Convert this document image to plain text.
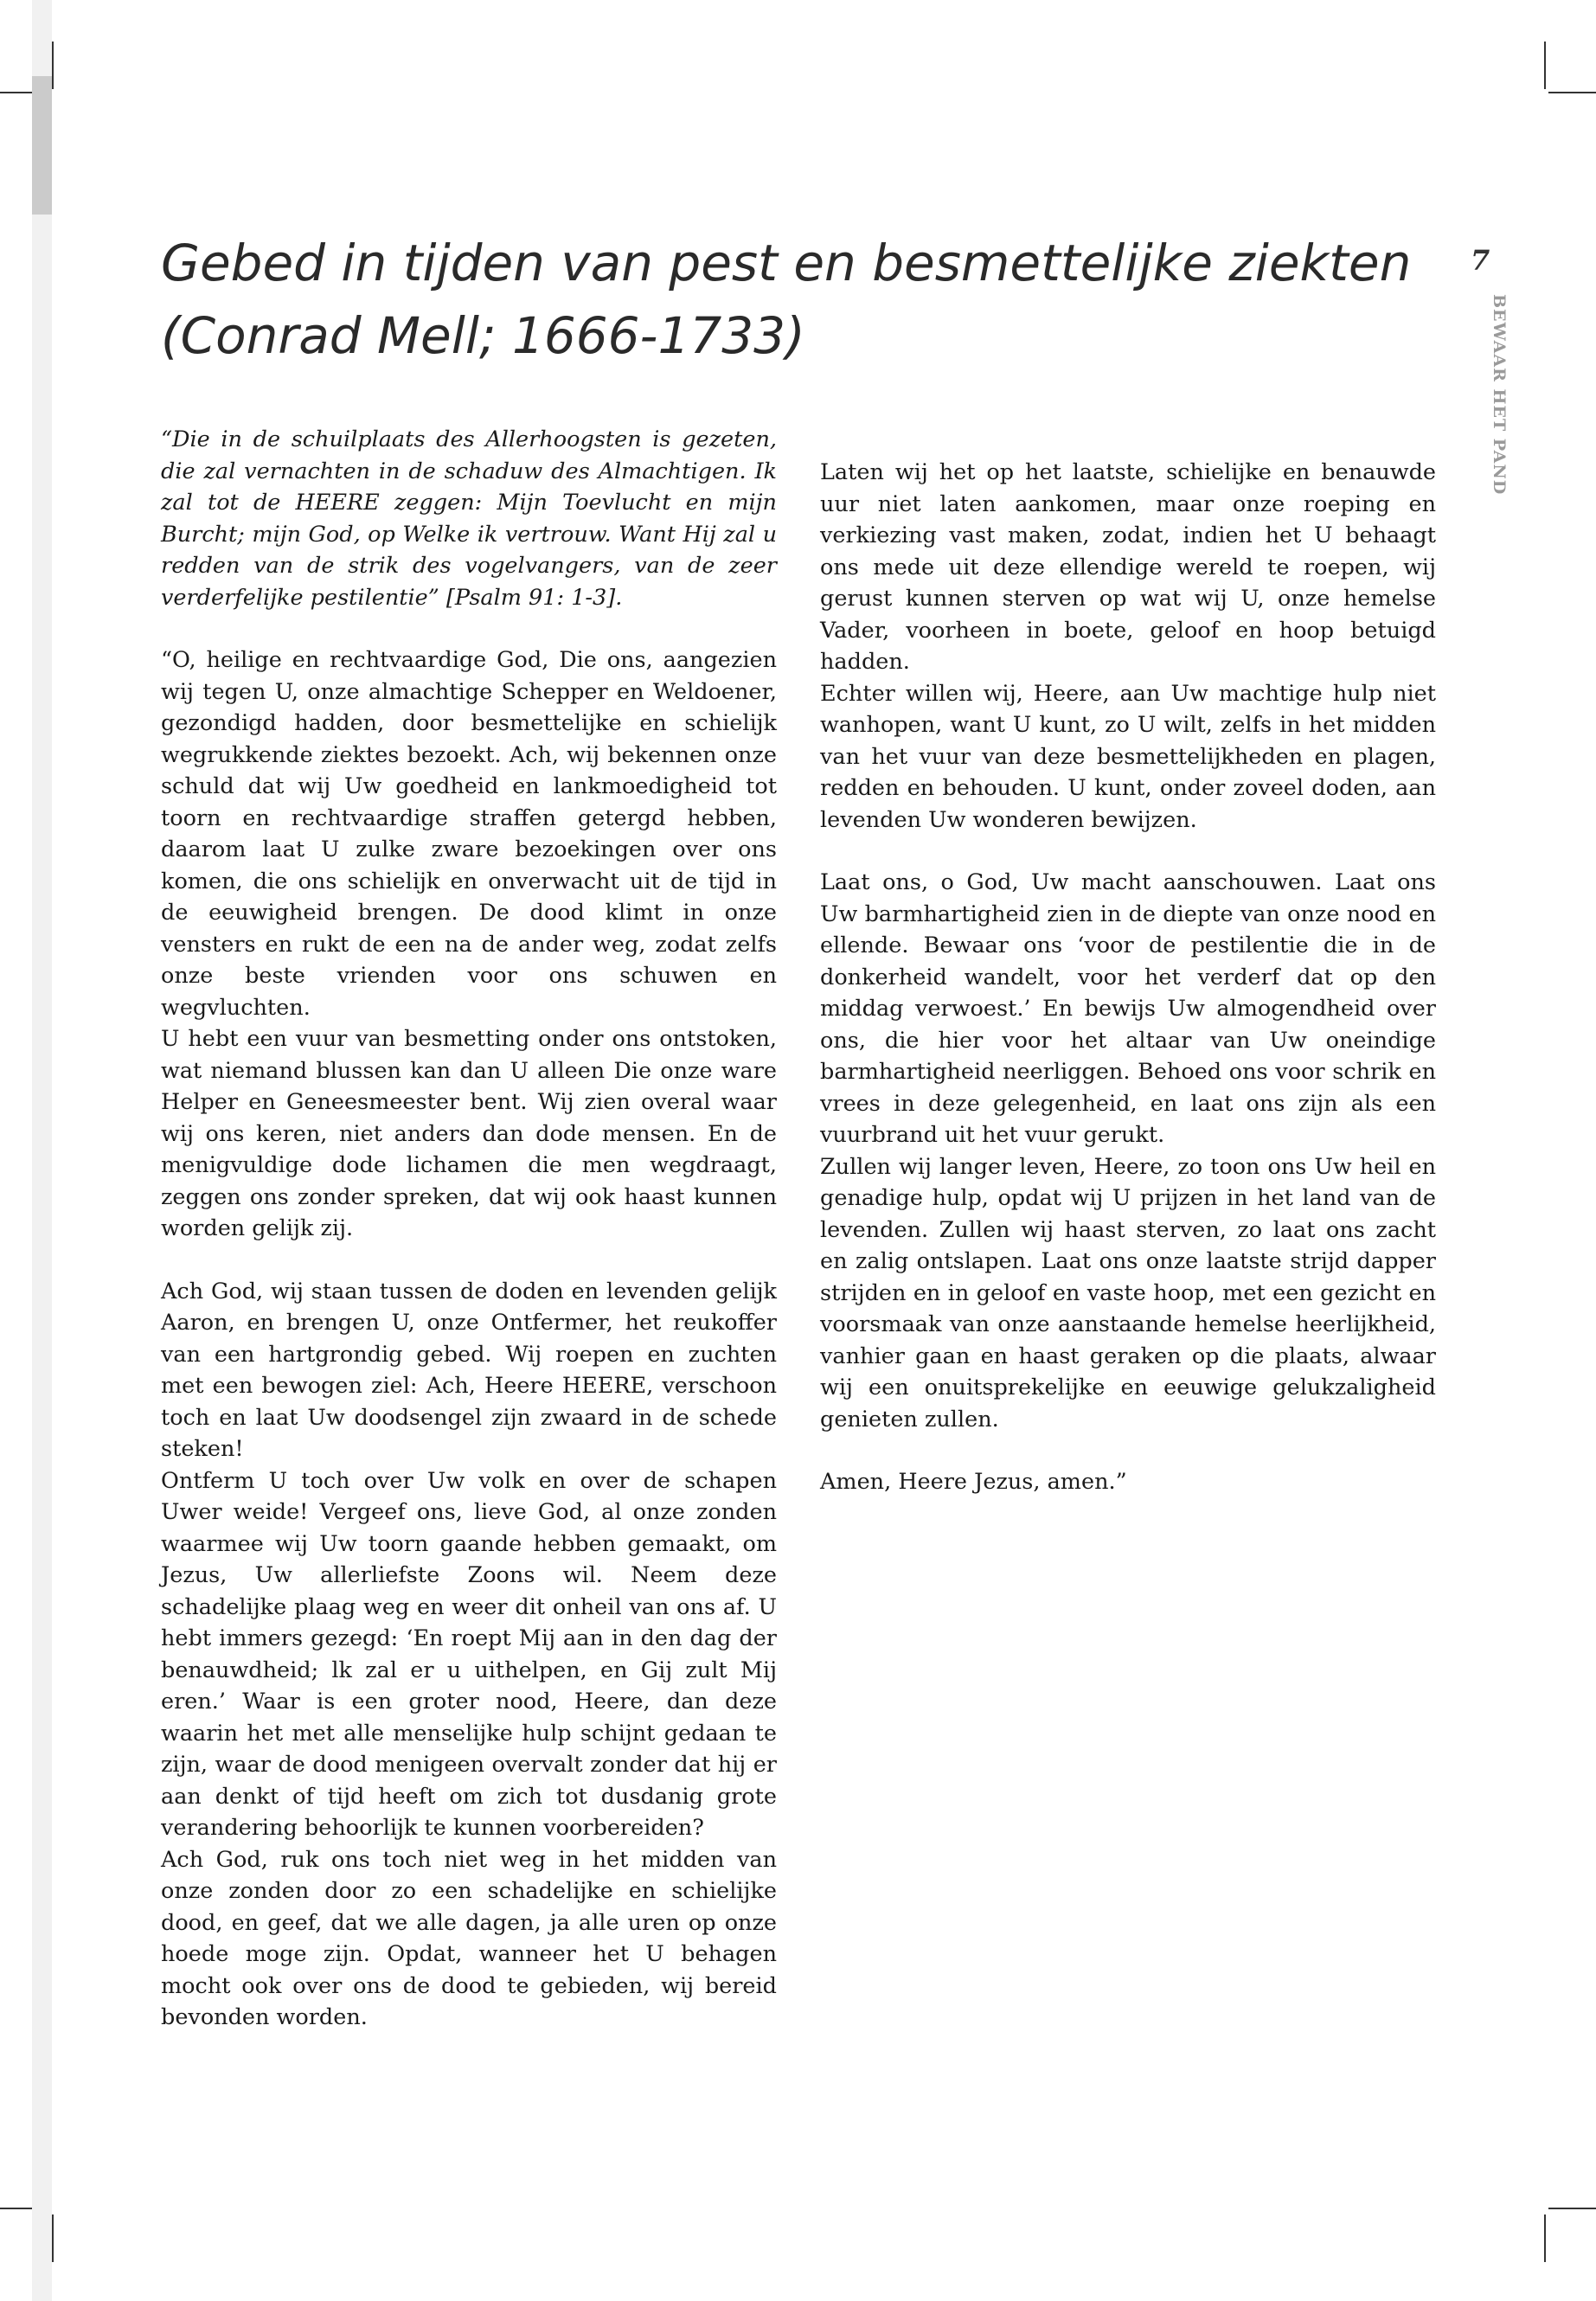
Gebed in tijden van pest en besmettelijke ziekten
(Conrad Mell; 1666-1733)
7
BEWAAR HET PAND

“Die in de schuilplaats des Allerhoogsten is gezeten, die zal vernachten in de schaduw des Almachtigen. Ik zal tot de HEERE zeggen: Mijn Toevlucht en mijn Burcht; mijn God, op Welke ik vertrouw. Want Hij zal u redden van de strik des vogelvangers, van de zeer verderfelijke pestilentie” [Psalm 91: 1-3].

“O, heilige en rechtvaardige God, Die ons, aangezien wij tegen U, onze almachtige Schepper en Weldoener, gezondigd hadden, door besmettelijke en schielijk wegrukkende ziektes bezoekt. Ach, wij bekennen onze schuld dat wij Uw goedheid en lankmoedigheid tot toorn en rechtvaardige straffen getergd hebben, daarom laat U zulke zware bezoekingen over ons komen, die ons schielijk en onverwacht uit de tijd in de eeuwigheid brengen. De dood klimt in onze vensters en rukt de een na de ander weg, zodat zelfs onze beste vrienden voor ons schuwen en wegvluchten.

U hebt een vuur van besmetting onder ons ontstoken, wat niemand blussen kan dan U alleen Die onze ware Helper en Geneesmeester bent. Wij zien overal waar wij ons keren, niet anders dan dode mensen. En de menigvuldige dode lichamen die men wegdraagt, zeggen ons zonder spreken, dat wij ook haast kunnen worden gelijk zij.

Ach God, wij staan tussen de doden en levenden gelijk Aaron, en brengen U, onze Ontfermer, het reukoffer van een hartgrondig gebed. Wij roepen en zuchten met een bewogen ziel: Ach, Heere HEERE, verschoon toch en laat Uw doodsengel zijn zwaard in de schede steken!

Ontferm U toch over Uw volk en over de schapen Uwer weide! Vergeef ons, lieve God, al onze zonden waarmee wij Uw toorn gaande hebben gemaakt, om Jezus, Uw allerliefste Zoons wil. Neem deze schadelijke plaag weg en weer dit onheil van ons af. U hebt immers gezegd: ‘En roept Mij aan in den dag der benauwdheid; lk zal er u uithelpen, en Gij zult Mij eren.’ Waar is een groter nood, Heere, dan deze waarin het met alle menselijke hulp schijnt gedaan te zijn, waar de dood menigeen overvalt zonder dat hij er aan denkt of tijd heeft om zich tot dusdanig grote verandering behoorlijk te kunnen voorbereiden?

Ach God, ruk ons toch niet weg in het midden van onze zonden door zo een schadelijke en schielijke dood, en geef, dat we alle dagen, ja alle uren op onze hoede moge zijn. Opdat, wanneer het U behagen mocht ook over ons de dood te gebieden, wij bereid bevonden worden.

Laten wij het op het laatste, schielijke en benauwde uur niet laten aankomen, maar onze roeping en verkiezing vast maken, zodat, indien het U behaagt ons mede uit deze ellendige wereld te roepen, wij gerust kunnen sterven op wat wij U, onze hemelse Vader, voorheen in boete, geloof en hoop betuigd hadden.

Echter willen wij, Heere, aan Uw machtige hulp niet wanhopen, want U kunt, zo U wilt, zelfs in het midden van het vuur van deze besmettelijkheden en plagen, redden en behouden. U kunt, onder zoveel doden, aan levenden Uw wonderen bewijzen.

Laat ons, o God, Uw macht aanschouwen. Laat ons Uw barmhartigheid zien in de diepte van onze nood en ellende. Bewaar ons ‘voor de pestilentie die in de donkerheid wandelt, voor het verderf dat op den middag verwoest.’ En bewijs Uw almogendheid over ons, die hier voor het altaar van Uw oneindige barmhartigheid neerliggen. Behoed ons voor schrik en vrees in deze gelegenheid, en laat ons zijn als een vuurbrand uit het vuur gerukt.

Zullen wij langer leven, Heere, zo toon ons Uw heil en genadige hulp, opdat wij U prijzen in het land van de levenden. Zullen wij haast sterven, zo laat ons zacht en zalig ontslapen. Laat ons onze laatste strijd dapper strijden en in geloof en vaste hoop, met een gezicht en voorsmaak van onze aanstaande hemelse heerlijkheid, vanhier gaan en haast geraken op die plaats, alwaar wij een onuitsprekelijke en eeuwige gelukzaligheid genieten zullen.

Amen, Heere Jezus, amen.”
